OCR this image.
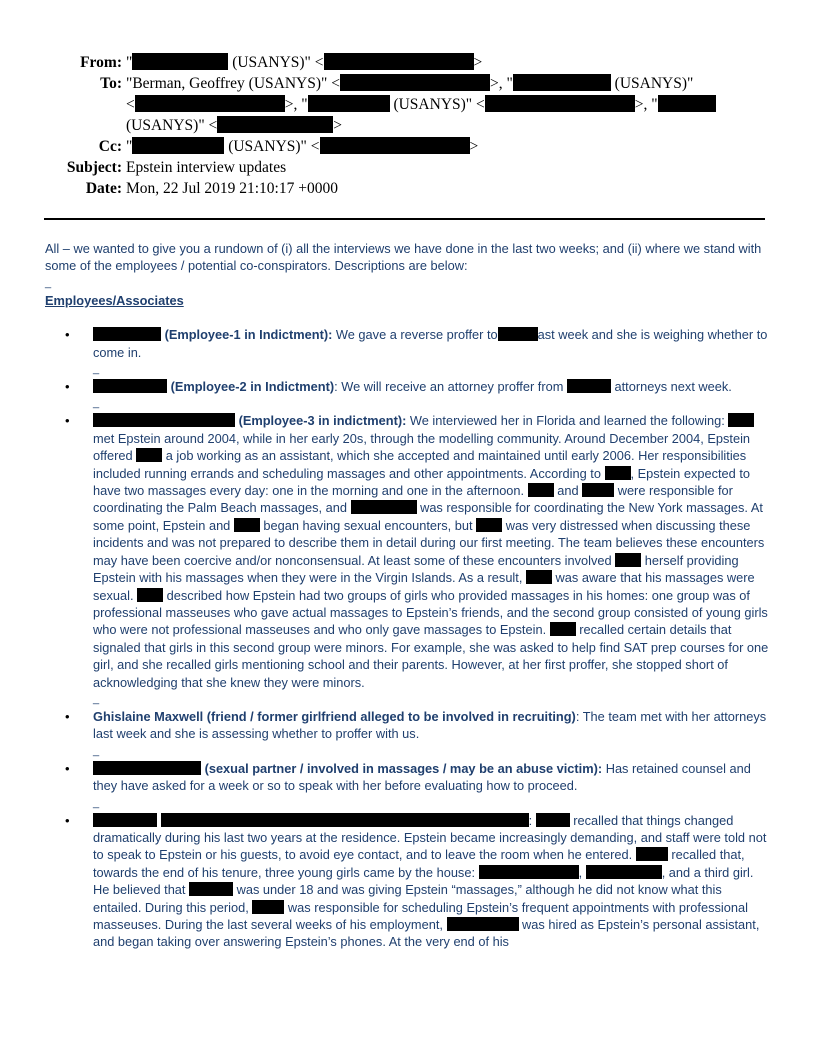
From: "	(USANYS)" <	>
To: "Berman, Geoffrey (USANYS)" <	>, "	(USANYS)"
<	>, "	(USANYS)" <	>, "
(USANYS)" <	>
Cc: "	(USANYS)" <	>
Subject: Epstein interview updates
Date: Mon, 22 Jul 2019 21:10:17 +0000

All – we wanted to give you a rundown of (i) all the interviews we have done in the last two weeks; and (ii) where we stand with some of the employees / potential co-conspirators. Descriptions are below:

_

Employees/Associates

•	(Employee-1 in Indictment): We gave a reverse proffer to	ast week and she is weighing whether to come in.
_
•	(Employee-2 in Indictment): We will receive an attorney proffer from	attorneys next week.
_
•	(Employee-3 in indictment): We interviewed her in Florida and learned the following:  met Epstein around 2004, while in her early 20s, through the modelling community. Around December 2004, Epstein offered  a job working as an assistant, which she accepted and maintained until early 2006. Her responsibilities included running errands and scheduling massages and other appointments. According to , Epstein expected to have two massages every day: one in the morning and one in the afternoon.  and	were responsible for coordinating the Palm Beach massages, and	was responsible for coordinating the New York massages. At some point, Epstein and  began having sexual encounters, but  was very distressed when discussing these incidents and was not prepared to describe them in detail during our first meeting. The team believes these encounters may have been coercive and/or nonconsensual. At least some of these encounters involved  herself providing Epstein with his massages when they were in the Virgin Islands. As a result,  was aware that his massages were sexual.  described how Epstein had two groups of girls who provided massages in his homes: one group was of professional masseuses who gave actual massages to Epstein’s friends, and the second group consisted of young girls who were not professional masseuses and who only gave massages to Epstein.  recalled certain details that signaled that girls in this second group were minors. For example, she was asked to help find SAT prep courses for one girl, and she recalled girls mentioning school and their parents. However, at her first proffer, she stopped short of acknowledging that she knew they were minors.
_
• Ghislaine Maxwell (friend / former girlfriend alleged to be involved in recruiting): The team met with her attorneys last week and she is assessing whether to proffer with us.
_
•	(sexual partner / involved in massages / may be an abuse victim): Has retained counsel and they have asked for a week or so to speak with her before evaluating how to proceed.
_
•	:	recalled that things changed dramatically during his last two years at the residence. Epstein became increasingly demanding, and staff were told not to speak to Epstein or his guests, to avoid eye contact, and to leave the room when he entered.	recalled that, towards the end of his tenure, three young girls came by the house:	,	, and a third girl. He believed that	was under 18 and was giving Epstein “massages,” although he did not know what this entailed. During this period,	was responsible for scheduling Epstein’s frequent appointments with professional masseuses. During the last several weeks of his employment,	was hired as Epstein’s personal assistant, and began taking over answering Epstein’s phones. At the very end of his
